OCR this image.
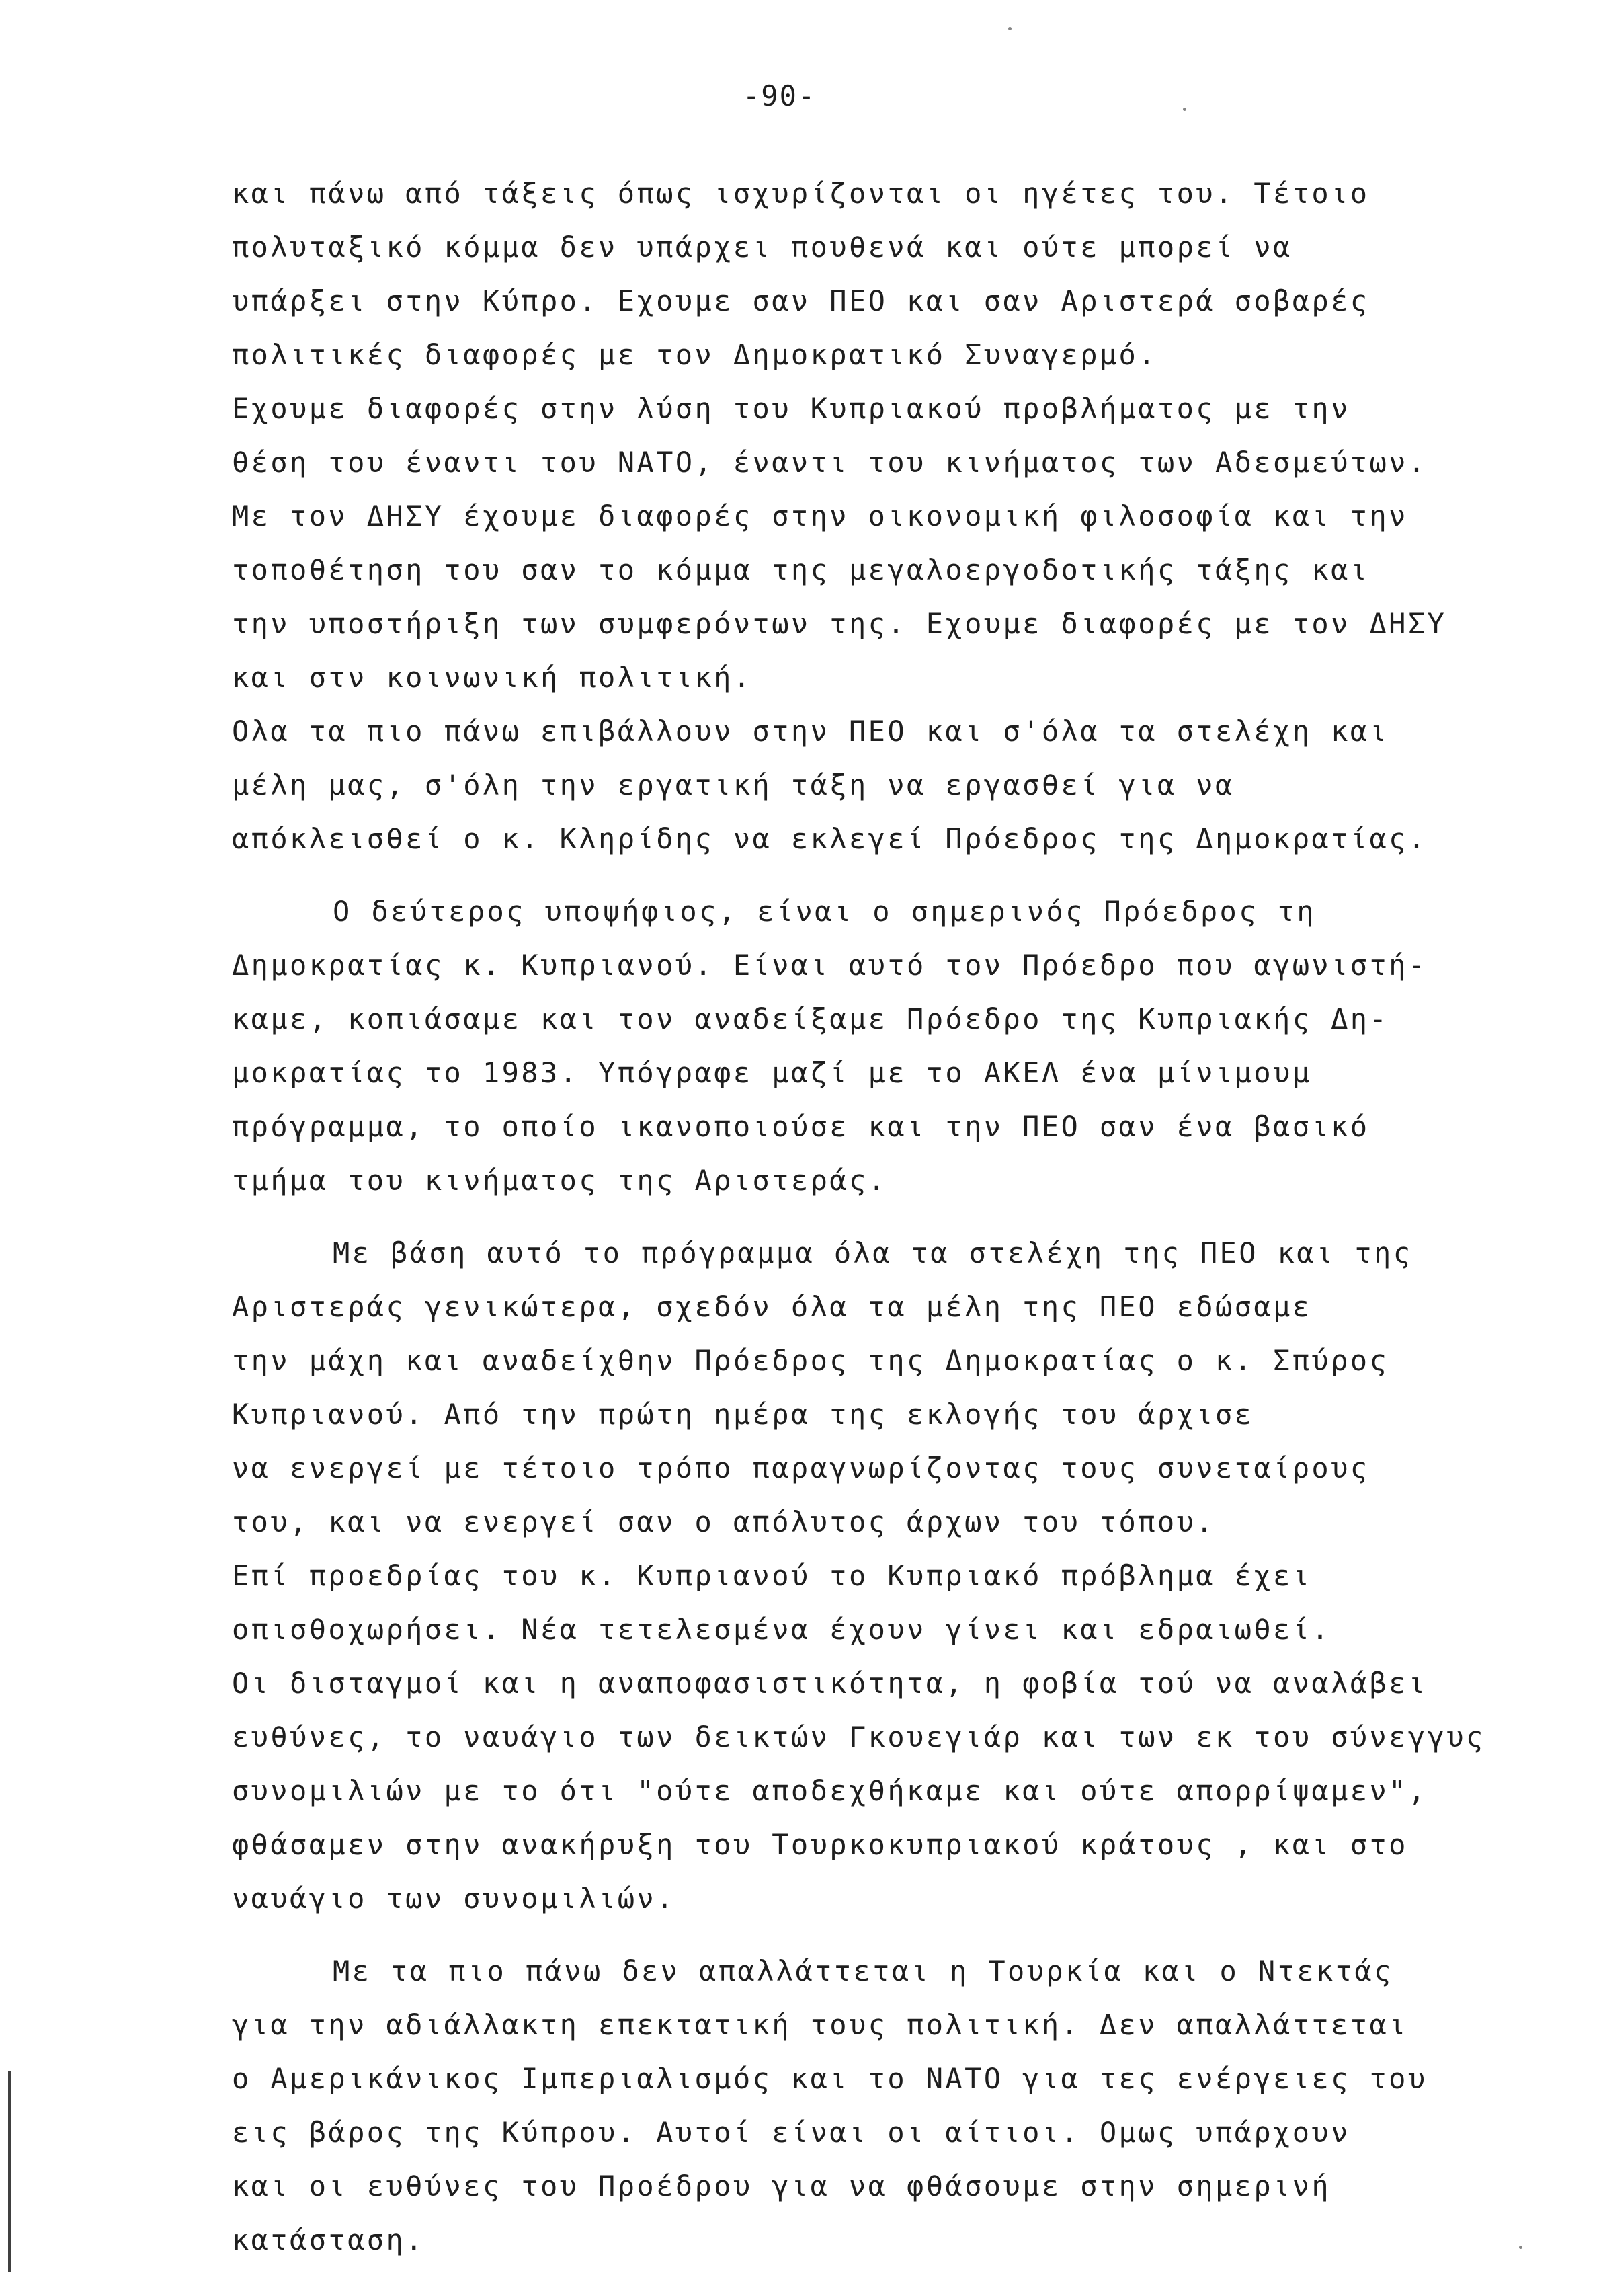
-90-
και πάνω από τάξεις όπως ισχυρίζονται οι ηγέτες του. Τέτοιο
πολυταξικό κόμμα δεν υπάρχει πουθενά και ούτε μπορεί να
υπάρξει στην Κύπρο. Εχουμε σαν ΠΕΟ και σαν Αριστερά σοβαρές
πολιτικές διαφορές με τον Δημοκρατικό Συναγερμό.
Εχουμε διαφορές στην λύση του Κυπριακού προβλήματος με την
θέση του έναντι του ΝΑΤΟ, έναντι του κινήματος των Αδεσμεύτων.
Με τον ΔΗΣΥ έχουμε διαφορές στην οικονομική φιλοσοφία και την
τοποθέτηση του σαν το κόμμα της μεγαλοεργοδοτικής τάξης και
την υποστήριξη των συμφερόντων της. Εχουμε διαφορές με τον ΔΗΣΥ
και στν κοινωνική πολιτική.
Ολα τα πιο πάνω επιβάλλουν στην ΠΕΟ και σ'όλα τα στελέχη και
μέλη μας, σ'όλη την εργατική τάξη να εργασθεί για να
απόκλεισθεί ο κ. Κληρίδης να εκλεγεί Πρόεδρος της Δημοκρατίας.
Ο δεύτερος υποψήφιος, είναι ο σημερινός Πρόεδρος τη
Δημοκρατίας κ. Κυπριανού. Είναι αυτό τον Πρόεδρο που αγωνιστή-
καμε, κοπιάσαμε και τον αναδείξαμε Πρόεδρο της Κυπριακής Δη-
μοκρατίας το 1983. Υπόγραφε μαζί με το ΑΚΕΛ ένα μίνιμουμ
πρόγραμμα, το οποίο ικανοποιούσε και την ΠΕΟ σαν ένα βασικό
τμήμα του κινήματος της Αριστεράς.
Με βάση αυτό το πρόγραμμα όλα τα στελέχη της ΠΕΟ και της
Αριστεράς γενικώτερα, σχεδόν όλα τα μέλη της ΠΕΟ εδώσαμε
την μάχη και αναδείχθην Πρόεδρος της Δημοκρατίας ο κ. Σπύρος
Κυπριανού. Από την πρώτη ημέρα της εκλογής του άρχισε
να ενεργεί με τέτοιο τρόπο παραγνωρίζοντας τους συνεταίρους
του, και να ενεργεί σαν ο απόλυτος άρχων του τόπου.
Επί προεδρίας του κ. Κυπριανού το Κυπριακό πρόβλημα έχει
οπισθοχωρήσει. Νέα τετελεσμένα έχουν γίνει και εδραιωθεί.
Οι δισταγμοί και η αναποφασιστικότητα, η φοβία τού να αναλάβει
ευθύνες, το ναυάγιο των δεικτών Γκουεγιάρ και των εκ του σύνεγγυς
συνομιλιών με το ότι "ούτε αποδεχθήκαμε και ούτε απορρίψαμεν",
φθάσαμεν στην ανακήρυξη του Τουρκοκυπριακού κράτους , και στο
ναυάγιο των συνομιλιών.
Με τα πιο πάνω δεν απαλλάττεται η Τουρκία και ο Ντεκτάς
για την αδιάλλακτη επεκτατική τους πολιτική. Δεν απαλλάττεται
ο Αμερικάνικος Ιμπεριαλισμός και το ΝΑΤΟ για τες ενέργειες του
εις βάρος της Κύπρου. Αυτοί είναι οι αίτιοι. Ομως υπάρχουν
και οι ευθύνες του Προέδρου για να φθάσουμε στην σημερινή
κατάσταση.
